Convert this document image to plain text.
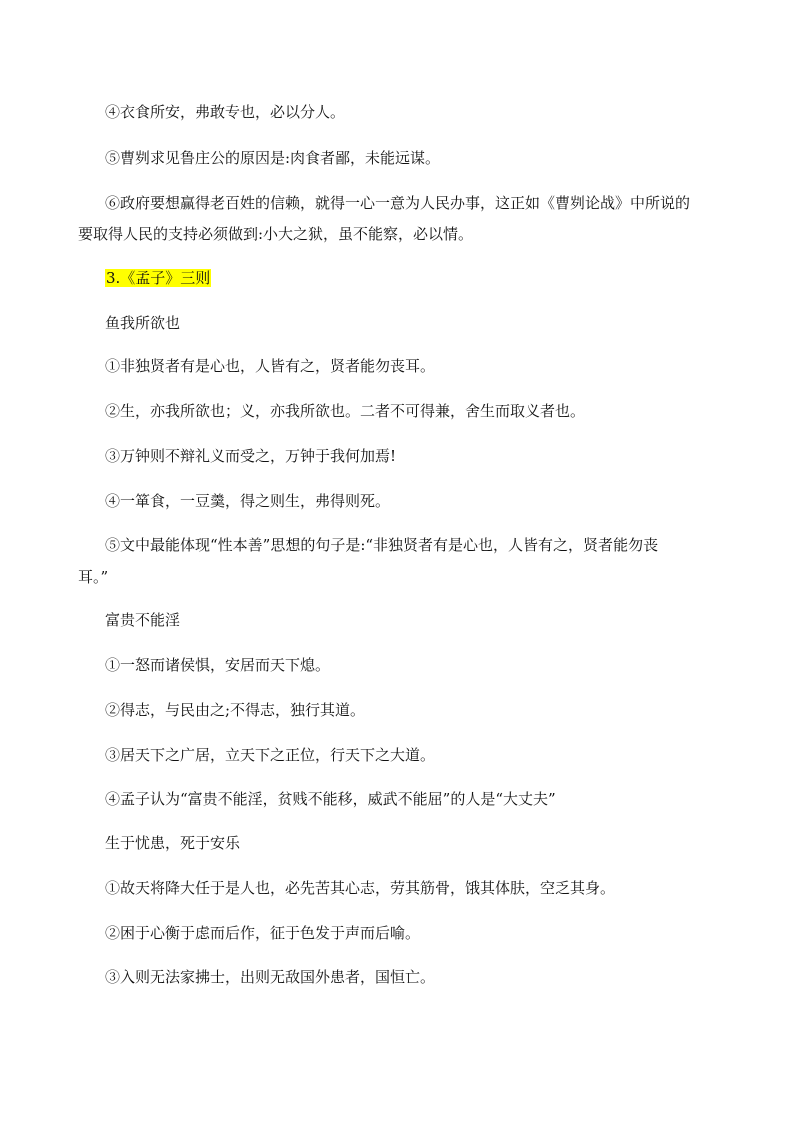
④衣食所安，弗敢专也，必以分人。
⑤曹刿求见鲁庄公的原因是:肉食者鄙，未能远谋。
⑥政府要想赢得老百姓的信赖，就得一心一意为人民办事，这正如《曹刿论战》中所说的
要取得人民的支持必须做到:小大之狱，虽不能察，必以情。
3.《孟子》三则
鱼我所欲也
①非独贤者有是心也，人皆有之，贤者能勿丧耳。
②生，亦我所欲也；义，亦我所欲也。二者不可得兼，舍生而取义者也。
③万钟则不辩礼义而受之，万钟于我何加焉!
④一箪食，一豆羹，得之则生，弗得则死。
⑤文中最能体现“性本善”思想的句子是:“非独贤者有是心也，人皆有之，贤者能勿丧
耳。”
富贵不能淫
①一怒而诸侯惧，安居而天下熄。
②得志，与民由之;不得志，独行其道。
③居天下之广居，立天下之正位，行天下之大道。
④孟子认为“富贵不能淫，贫贱不能移，威武不能屈”的人是“大丈夫”
生于忧患，死于安乐
①故天将降大任于是人也，必先苦其心志，劳其筋骨，饿其体肤，空乏其身。
②困于心衡于虑而后作，征于色发于声而后喻。
③入则无法家拂士，出则无敌国外患者，国恒亡。
